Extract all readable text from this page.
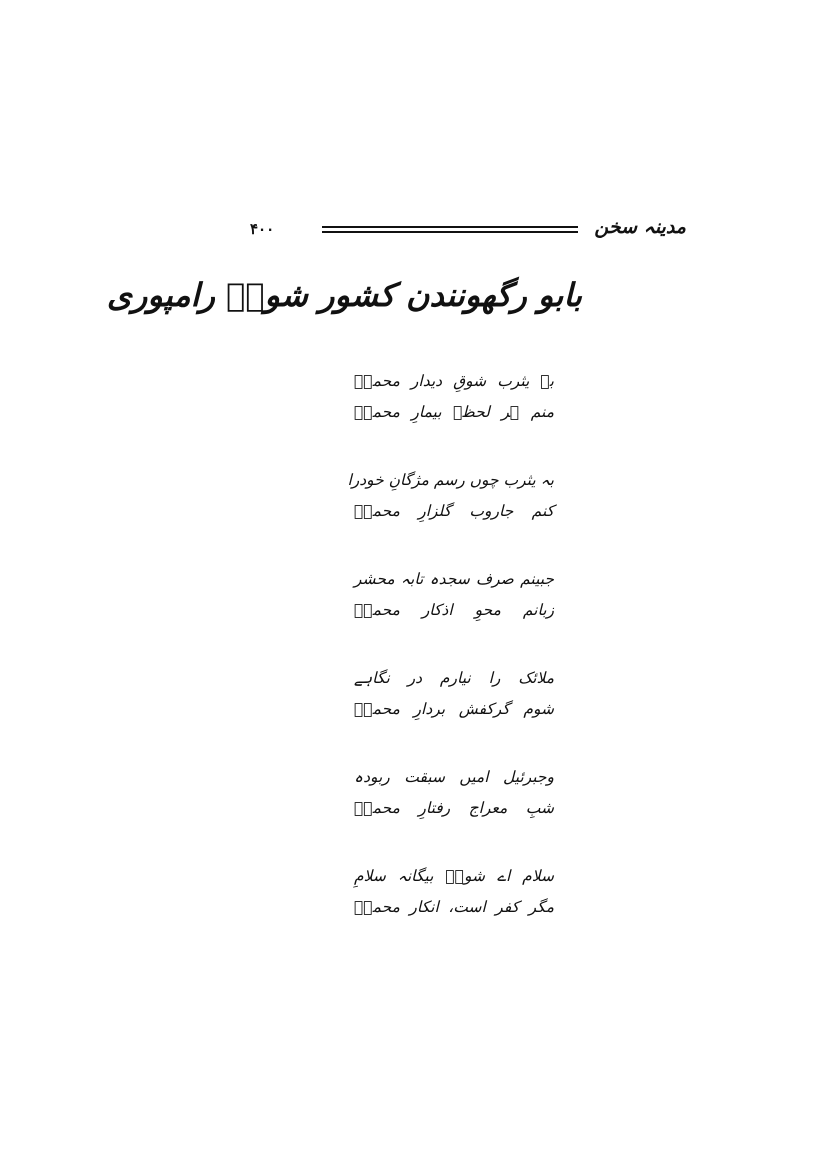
۴۰۰	مدینہ سخن
بابو رگھونندن کشور شوقؔ رامپوری
بہ یثرب شوقِ دیدار محمدؐ
منم ہر لحظہ بیمارِ محمدؐ
بہ یثرب چوں رسم مژگانِ خودرا
کنم جاروب گلزارِ محمدؐ
جبینم صرف سجدہ تابہ محشر
زبانم محوِ اذکار محمدؐ
ملائک را نیارم در نگاہے
شوم گرکفش بردارِ محمدؐ
وجبرئیل امیں سبقت ربودہ
شبِ معراج رفتارِ محمدؐ
سلام اے شوقؔ بیگانہ سلامِ
مگر کفر است، انکار محمدؐ
